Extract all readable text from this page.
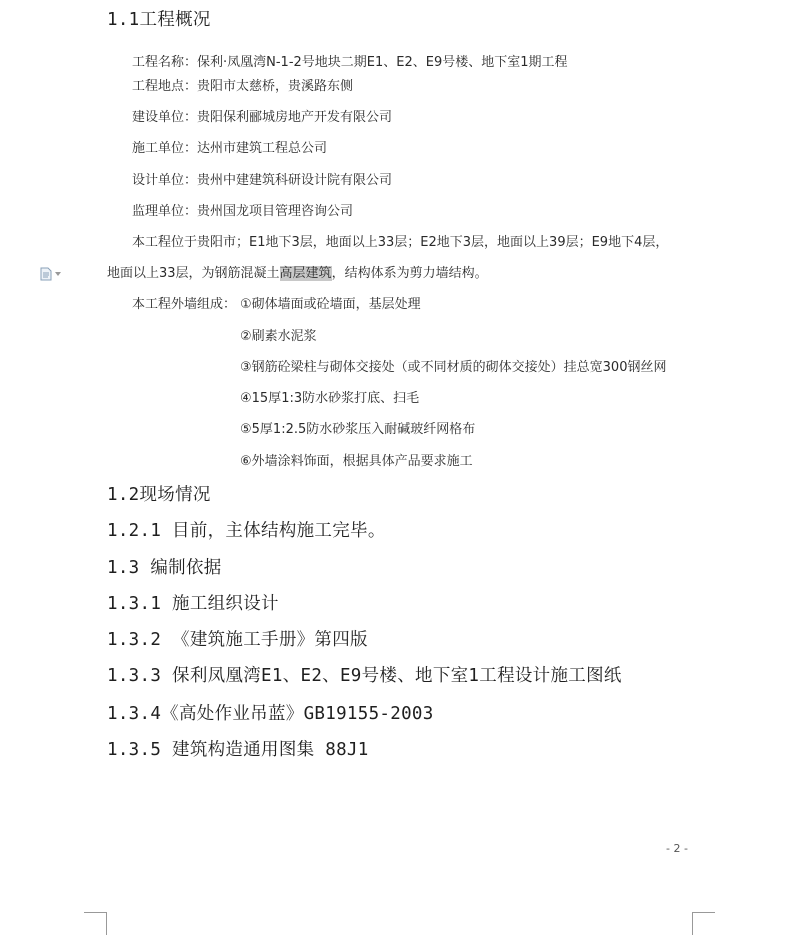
1.1工程概况
工程名称：保利·凤凰湾N-1-2号地块二期E1、E2、E9号楼、地下室1期工程
工程地点：贵阳市太慈桥，贵溪路东侧
建设单位：贵阳保利郦城房地产开发有限公司
施工单位：达州市建筑工程总公司
设计单位：贵州中建建筑科研设计院有限公司
监理单位：贵州国龙项目管理咨询公司
本工程位于贵阳市；E1地下3层，地面以上33层；E2地下3层，地面以上39层；E9地下4层，
地面以上33层，为钢筋混凝土高层建筑，结构体系为剪力墙结构。
本工程外墙组成： ①砌体墙面或砼墙面，基层处理
②刷素水泥浆
③钢筋砼梁柱与砌体交接处（或不同材质的砌体交接处）挂总宽300钢丝网
④15厚1:3防水砂浆打底、扫毛
⑤5厚1:2.5防水砂浆压入耐碱玻纤网格布
⑥外墙涂料饰面，根据具体产品要求施工
1.2现场情况
1.2.1 目前，主体结构施工完毕。
1.3 编制依据
1.3.1 施工组织设计
1.3.2 《建筑施工手册》第四版
1.3.3 保利凤凰湾E1、E2、E9号楼、地下室1工程设计施工图纸
1.3.4《高处作业吊蓝》GB19155-2003
1.3.5 建筑构造通用图集 88J1
- 2 -
